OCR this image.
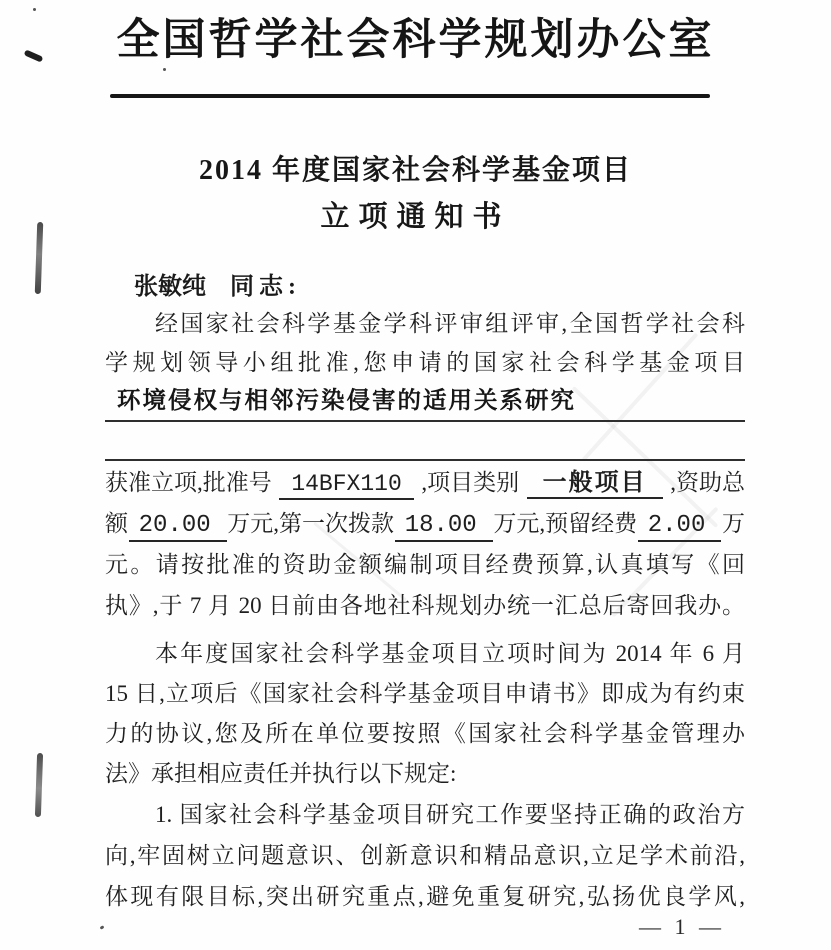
全国哲学社会科学规划办公室
2014 年度国家社会科学基金项目
立项通知书
张敏纯 同志:
经国家社会科学基金学科评审组评审,全国哲学社会科
学规划领导小组批准,您申请的国家社会科学基金项目
环境侵权与相邻污染侵害的适用关系研究
获准立项,批准号 14BFX110 ,项目类别 一般项目	,资助总
额 20.00 万元,第一次拨款 18.00 万元,预留经费 2.00 万
元。请按批准的资助金额编制项目经费预算,认真填写《回
执》,于 7 月 20 日前由各地社科规划办统一汇总后寄回我办。
本年度国家社会科学基金项目立项时间为 2014 年 6 月
15 日,立项后《国家社会科学基金项目申请书》即成为有约束
力的协议,您及所在单位要按照《国家社会科学基金管理办
法》承担相应责任并执行以下规定:
1. 国家社会科学基金项目研究工作要坚持正确的政治方
向,牢固树立问题意识、创新意识和精品意识,立足学术前沿,
体现有限目标,突出研究重点,避免重复研究,弘扬优良学风,
— 1 —
